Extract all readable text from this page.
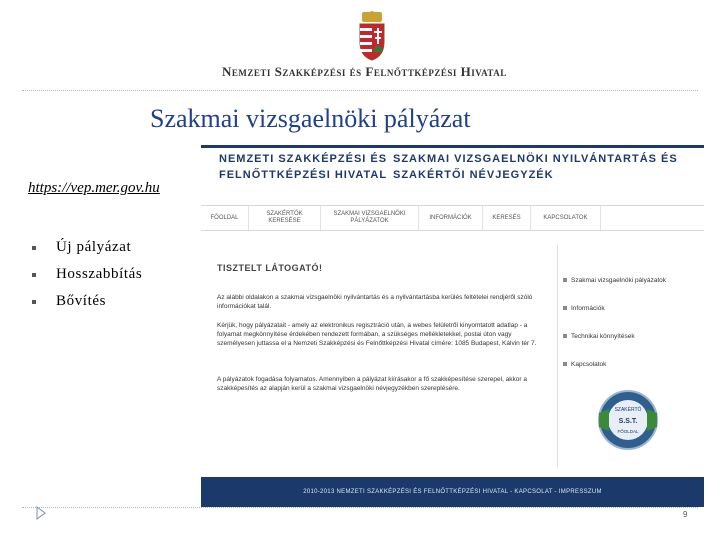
Nemzeti Szakképzési és Felnőttképzési Hivatal
Szakmai vizsgaelnöki pályázat
https://vep.mer.gov.hu
Új pályázat
Hosszabbítás
Bővítés
NEMZETI SZAKKÉPZÉSI ÉS
FELNŐTTKÉPZÉSI HIVATAL
SZAKMAI VIZSGAELNÖKI NYILVÁNTARTÁS ÉS
SZAKÉRTŐI NÉVJEGYZÉK
FŐOLDAL
SZAKÉRTŐK KERESÉSE
SZAKMAI VIZSGAELNÖKI PÁLYÁZATOK
INFORMÁCIÓK	KERESÉS	KAPCSOLATOK
TISZTELT LÁTOGATÓ!
Az alábbi oldalakon a szakmai vizsgaelnöki nyilvántartás és a nyilvántartásba kerülés feltételei rendjéről szóló információkat talál.
Kérjük, hogy pályázatait - amely az elektronikus regisztráció után, a webes felületről kinyomtatott adatlap - a folyamat megkönnyítése érdekében rendezett formában, a szükséges mellékletekkel, postai úton vagy személyesen juttassa el a Nemzeti Szakképzési és Felnőttképzési Hivatal címére: 1085 Budapest, Kálvin tér 7.
A pályázatok fogadása folyamatos. Amennyiben a pályázat kiírásakor a fő szakképesítése szerepel, akkor a szakképesítés az alapján kerül a szakmai vizsgaelnöki névjegyzékben szereplésére.
Szakmai vizsgaelnöki pályázatok
Információk
Technikai könnyítések
Kapcsolatok
SZAKÉRTŐ
S.S.T.
FŐOLDAL
2010-2013 NEMZETI SZAKKÉPZÉSI ÉS FELNŐTTKÉPZÉSI HIVATAL - KAPCSOLAT - IMPRESSZUM
9
